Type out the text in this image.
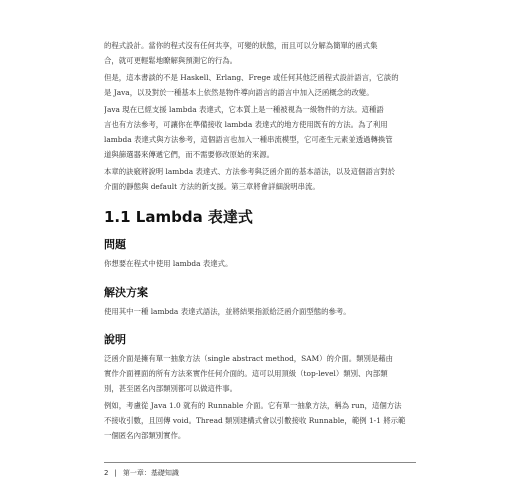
的程式設計。當你的程式沒有任何共享，可變的狀態，而且可以分解為簡單的函式集
合，就可更輕鬆地瞭解與預測它的行為。

但是，這本書談的不是 Haskell、Erlang、Frege 或任何其他泛函程式設計語言，它談的
是 Java，以及對於一種基本上依然是物件導向語言的語言中加入泛函概念的改變。

Java 現在已經支援 lambda 表達式，它本質上是一種被視為一級物件的方法。這種語
言也有方法參考，可讓你在準備接收 lambda 表達式的地方使用既有的方法。為了利用
lambda 表達式與方法參考，這個語言也加入一種串流模型，它可產生元素並透過轉換管
道與篩選器來傳遞它們，而不需要修改原始的來源。

本章的訣竅將說明 lambda 表達式、方法參考與泛函介面的基本語法，以及這個語言對於
介面的靜態與 default 方法的新支援。第三章將會詳細說明串流。

1.1 Lambda 表達式
問題

你想要在程式中使用 lambda 表達式。

解決方案

使用其中一種 lambda 表達式語法，並將結果指派給泛函介面型態的參考。

說明

泛函介面是擁有單一抽象方法（single abstract method，SAM）的介面。類別是藉由
實作介面裡面的所有方法來實作任何介面的。這可以用頂級（top-level）類別、內部類
別，甚至匿名內部類別都可以做這件事。

例如，考慮從 Java 1.0 就有的 Runnable 介面。它有單一抽象方法，稱為 run，這個方法
不接收引數，且回傳 void。Thread 類別建構式會以引數接收 Runnable，範例 1-1 將示範
一個匿名內部類別實作。

2 | 第一章：基礎知識
